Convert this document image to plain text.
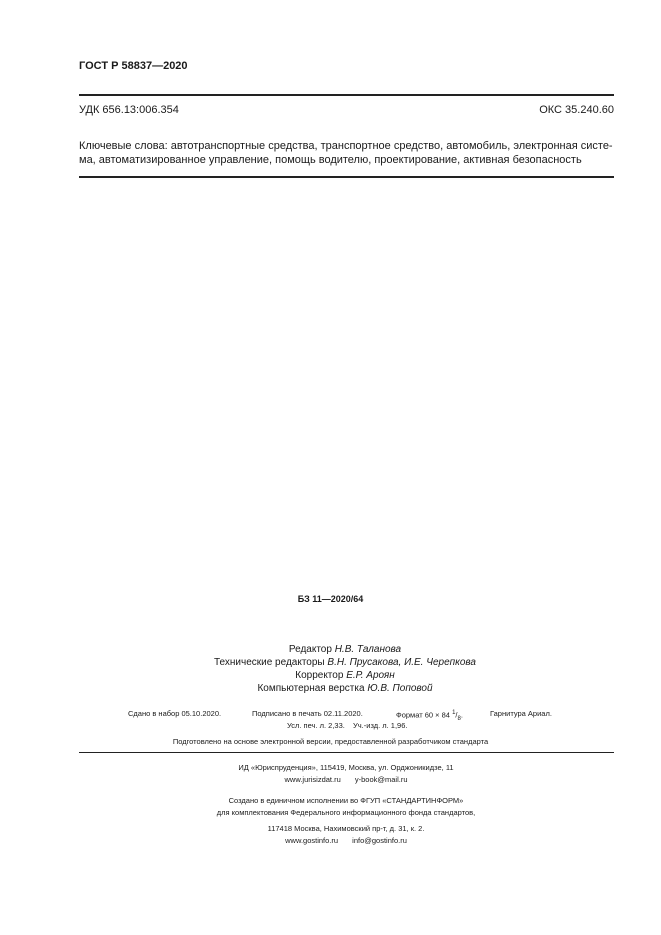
ГОСТ Р 58837—2020
УДК 656.13:006.354	ОКС 35.240.60
Ключевые слова: автотранспортные средства, транспортное средство, автомобиль, электронная систе-
ма, автоматизированное управление, помощь водителю, проектирование, активная безопасность
БЗ 11—2020/64
Редактор Н.В. Таланова
Технические редакторы В.Н. Прусакова, И.Е. Черепкова
Корректор Е.Р. Ароян
Компьютерная верстка Ю.В. Поповой
Сдано в набор 05.10.2020.	Подписано в печать 02.11.2020.	Формат 60 × 84 $^1/_8$.	Гарнитура Ариал.
Усл. печ. л. 2,33. Уч.-изд. л. 1,96.
Подготовлено на основе электронной версии, предоставленной разработчиком стандарта
ИД «Юриспруденция», 115419, Москва, ул. Орджоникидзе, 11
www.jurisizdat.ru y-book@mail.ru
Создано в единичном исполнении во ФГУП «СТАНДАРТИНФОРМ»
для комплектования Федерального информационного фонда стандартов,
117418 Москва, Нахимовский пр-т, д. 31, к. 2.
www.gostinfo.ru info@gostinfo.ru
